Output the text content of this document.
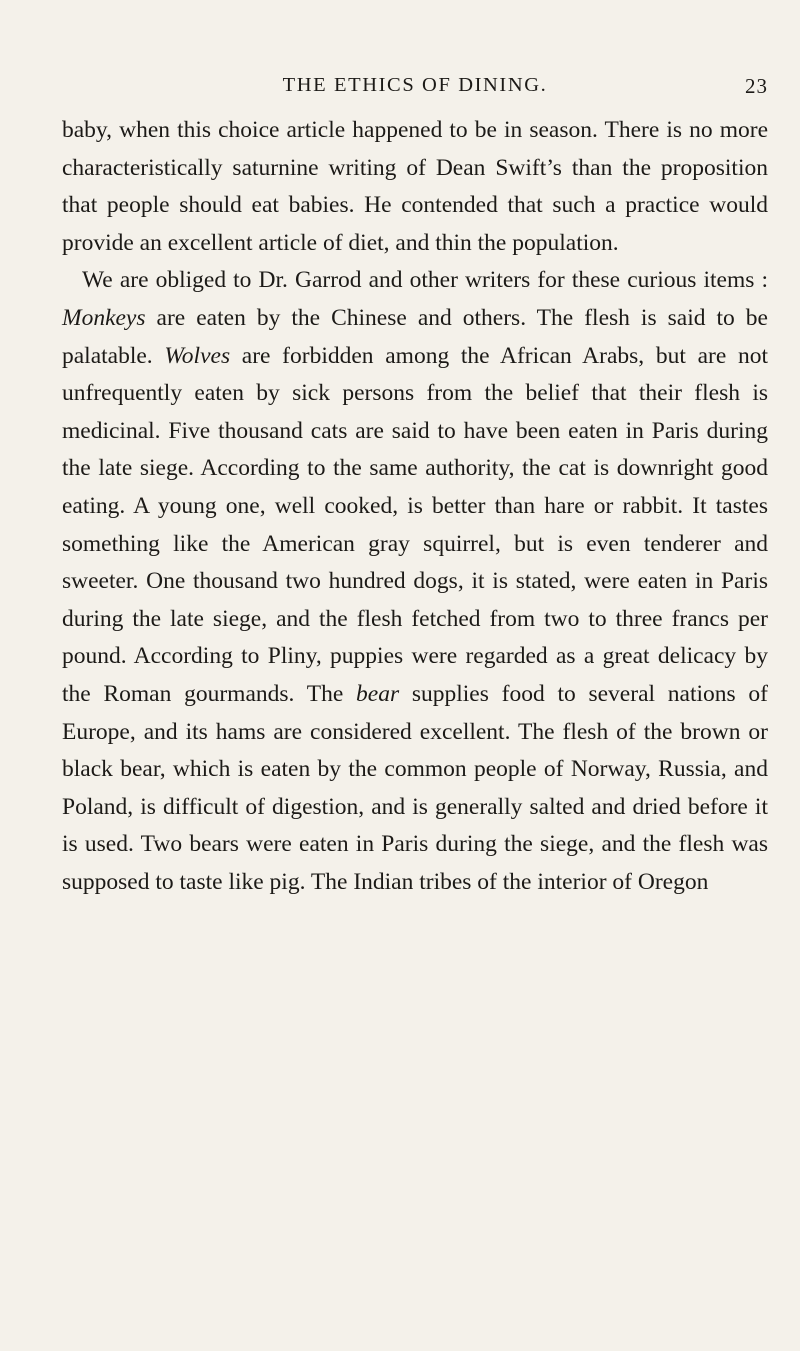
THE ETHICS OF DINING.	23

baby, when this choice article happened to be in season. There is no more characteristically saturnine writing of Dean Swift’s than the proposition that people should eat babies. He contended that such a practice would provide an excellent article of diet, and thin the population.

We are obliged to Dr. Garrod and other writers for these curious items : Monkeys are eaten by the Chinese and others. The flesh is said to be palatable. Wolves are forbidden among the African Arabs, but are not unfrequently eaten by sick persons from the belief that their flesh is medicinal. Five thousand cats are said to have been eaten in Paris during the late siege. According to the same authority, the cat is downright good eating. A young one, well cooked, is better than hare or rabbit. It tastes something like the American gray squirrel, but is even tenderer and sweeter. One thousand two hundred dogs, it is stated, were eaten in Paris during the late siege, and the flesh fetched from two to three francs per pound. According to Pliny, puppies were regarded as a great delicacy by the Roman gourmands. The bear supplies food to several nations of Europe, and its hams are considered excellent. The flesh of the brown or black bear, which is eaten by the common people of Norway, Russia, and Poland, is difficult of digestion, and is generally salted and dried before it is used. Two bears were eaten in Paris during the siege, and the flesh was supposed to taste like pig. The Indian tribes of the interior of Oregon
